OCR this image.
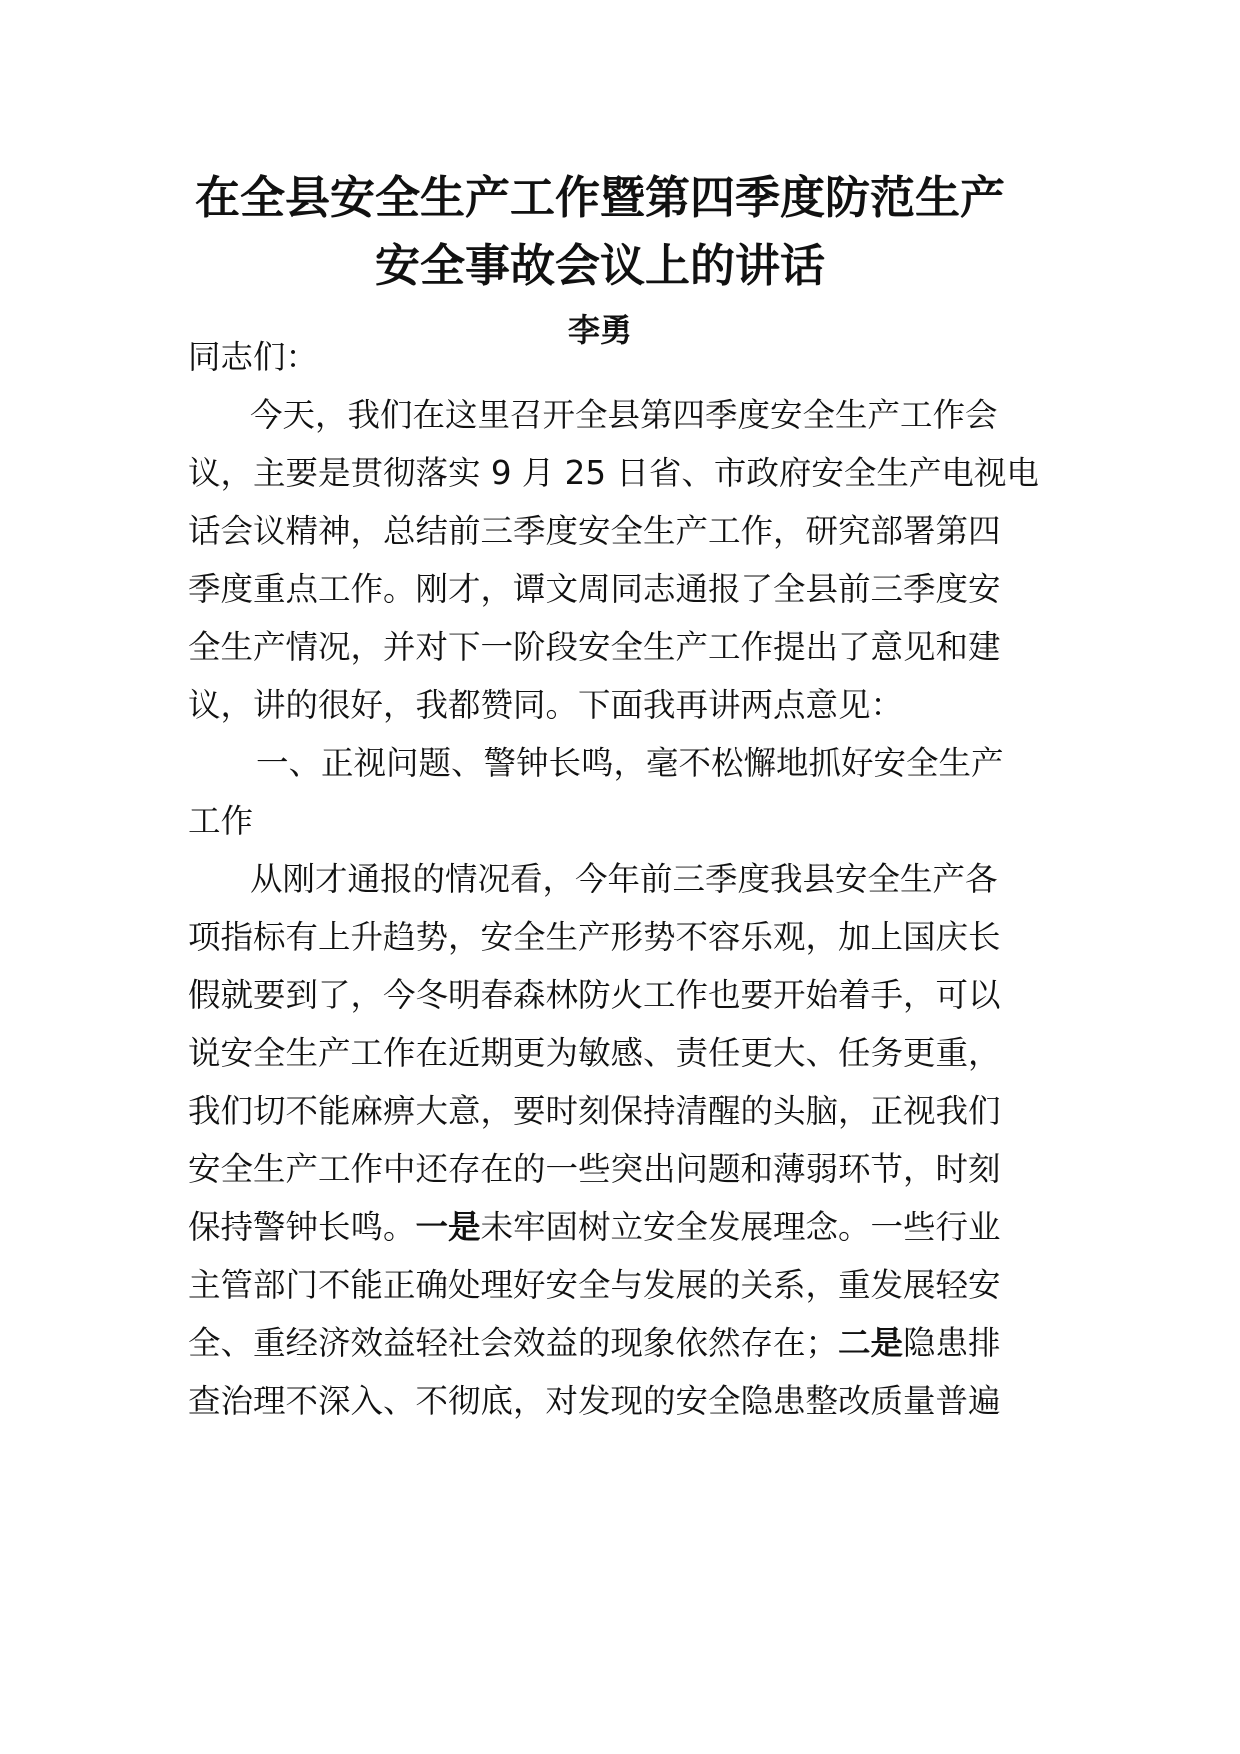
在全县安全生产工作暨第四季度防范生产
安全事故会议上的讲话
李勇
同志们：
今天，我们在这里召开全县第四季度安全生产工作会
议，主要是贯彻落实 9 月 25 日省、市政府安全生产电视电
话会议精神，总结前三季度安全生产工作，研究部署第四
季度重点工作。刚才，谭文周同志通报了全县前三季度安
全生产情况，并对下一阶段安全生产工作提出了意见和建
议，讲的很好，我都赞同。下面我再讲两点意见：
一、正视问题、警钟长鸣，毫不松懈地抓好安全生产
工作
从刚才通报的情况看，今年前三季度我县安全生产各
项指标有上升趋势，安全生产形势不容乐观，加上国庆长
假就要到了，今冬明春森林防火工作也要开始着手，可以
说安全生产工作在近期更为敏感、责任更大、任务更重，
我们切不能麻痹大意，要时刻保持清醒的头脑，正视我们
安全生产工作中还存在的一些突出问题和薄弱环节，时刻
保持警钟长鸣。一是未牢固树立安全发展理念。一些行业
主管部门不能正确处理好安全与发展的关系，重发展轻安
全、重经济效益轻社会效益的现象依然存在；二是隐患排
查治理不深入、不彻底，对发现的安全隐患整改质量普遍
